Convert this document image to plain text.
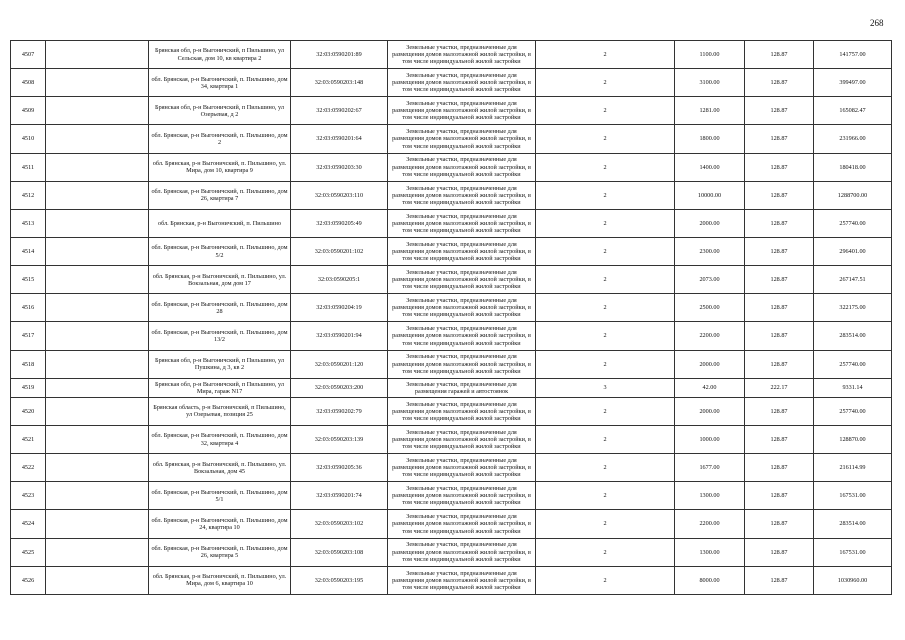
268
4507		Брянская обл, р-н Выгоничский, п Пильшино, ул Сельская, дом 10, кв квартира 2	32:03:0590201:89	Земельные участки, предназначенные для размещения домов малоэтажной жилой застройки, в том числе индивидуальной жилой застройки	2	1100.00	128.87	141757.00
4508		обл. Брянская, р-н Выгоничский, п. Пильшино, дом 34, квартира 1	32:03:0590203:148	Земельные участки, предназначенные для размещения домов малоэтажной жилой застройки, в том числе индивидуальной жилой застройки	2	3100.00	128.87	399497.00
4509		Брянская обл, р-н Выгоничский, п Пильшино, ул Озерьевая, д 2	32:03:0590202:67	Земельные участки, предназначенные для размещения домов малоэтажной жилой застройки, в том числе индивидуальной жилой застройки	2	1281.00	128.87	165082.47
4510		обл. Брянская, р-н Выгоничский, п. Пильшино, дом 2	32:03:0590201:64	Земельные участки, предназначенные для размещения домов малоэтажной жилой застройки, в том числе индивидуальной жилой застройки	2	1800.00	128.87	231966.00
4511		обл. Брянская, р-н Выгоничский, п. Пильшино, ул. Мира, дом 10, квартира 9	32:03:0590203:30	Земельные участки, предназначенные для размещения домов малоэтажной жилой застройки, в том числе индивидуальной жилой застройки	2	1400.00	128.87	180418.00
4512		обл. Брянская, р-н Выгоничский, п. Пильшино, дом 26, квартира 7	32:03:0590203:110	Земельные участки, предназначенные для размещения домов малоэтажной жилой застройки, в том числе индивидуальной жилой застройки	2	10000.00	128.87	1288700.00
4513		обл. Брянская, р-н Выгоничский, п. Пильшино	32:03:0590205:49	Земельные участки, предназначенные для размещения домов малоэтажной жилой застройки, в том числе индивидуальной жилой застройки	2	2000.00	128.87	257740.00
4514		обл. Брянская, р-н Выгоничский, п. Пильшино, дом 5/2	32:03:0590201:102	Земельные участки, предназначенные для размещения домов малоэтажной жилой застройки, в том числе индивидуальной жилой застройки	2	2300.00	128.87	296401.00
4515		обл. Брянская, р-н Выгоничский, п. Пильшино, ул. Вокзальная, дом дом 17	32:03:0590205:1	Земельные участки, предназначенные для размещения домов малоэтажной жилой застройки, в том числе индивидуальной жилой застройки	2	2073.00	128.87	267147.51
4516		обл. Брянская, р-н Выгоничский, п. Пильшино, дом 28	32:03:0590204:19	Земельные участки, предназначенные для размещения домов малоэтажной жилой застройки, в том числе индивидуальной жилой застройки	2	2500.00	128.87	322175.00
4517		обл. Брянская, р-н Выгоничский, п. Пильшино, дом 13/2	32:03:0590201:94	Земельные участки, предназначенные для размещения домов малоэтажной жилой застройки, в том числе индивидуальной жилой застройки	2	2200.00	128.87	283514.00
4518		Брянская обл, р-н Выгоничский, п Пильшино, ул Пушкина, д 3, кв 2	32:03:0590201:120	Земельные участки, предназначенные для размещения домов малоэтажной жилой застройки, в том числе индивидуальной жилой застройки	2	2000.00	128.87	257740.00
4519		Брянская обл, р-н Выгоничский, п Пильшино, ул Мира, гараж N17	32:03:0590203:200	Земельные участки, предназначенные для размещения гаражей и автостоянок	3	42.00	222.17	9331.14
4520		Брянская область, р-н Выгоничский, п Пильшино, ул Озерьевая, позиция 25	32:03:0590202:79	Земельные участки, предназначенные для размещения домов малоэтажной жилой застройки, в том числе индивидуальной жилой застройки	2	2000.00	128.87	257740.00
4521		обл. Брянская, р-н Выгоничский, п. Пильшино, дом 32, квартира 4	32:03:0590203:139	Земельные участки, предназначенные для размещения домов малоэтажной жилой застройки, в том числе индивидуальной жилой застройки	2	1000.00	128.87	128870.00
4522		обл. Брянская, р-н Выгоничский, п. Пильшино, ул. Вокзальная, дом 45	32:03:0590205:36	Земельные участки, предназначенные для размещения домов малоэтажной жилой застройки, в том числе индивидуальной жилой застройки	2	1677.00	128.87	216114.99
4523		обл. Брянская, р-н Выгоничский, п. Пильшино, дом 5/1	32:03:0590201:74	Земельные участки, предназначенные для размещения домов малоэтажной жилой застройки, в том числе индивидуальной жилой застройки	2	1300.00	128.87	167531.00
4524		обл. Брянская, р-н Выгоничский, п. Пильшино, дом 24, квартира 10	32:03:0590203:102	Земельные участки, предназначенные для размещения домов малоэтажной жилой застройки, в том числе индивидуальной жилой застройки	2	2200.00	128.87	283514.00
4525		обл. Брянская, р-н Выгоничский, п. Пильшино, дом 26, квартира 5	32:03:0590203:108	Земельные участки, предназначенные для размещения домов малоэтажной жилой застройки, в том числе индивидуальной жилой застройки	2	1300.00	128.87	167531.00
4526		обл. Брянская, р-н Выгоничский, п. Пильшино, ул. Мира, дом 6, квартира 10	32:03:0590203:195	Земельные участки, предназначенные для размещения домов малоэтажной жилой застройки, в том числе индивидуальной жилой застройки	2	8000.00	128.87	1030960.00
